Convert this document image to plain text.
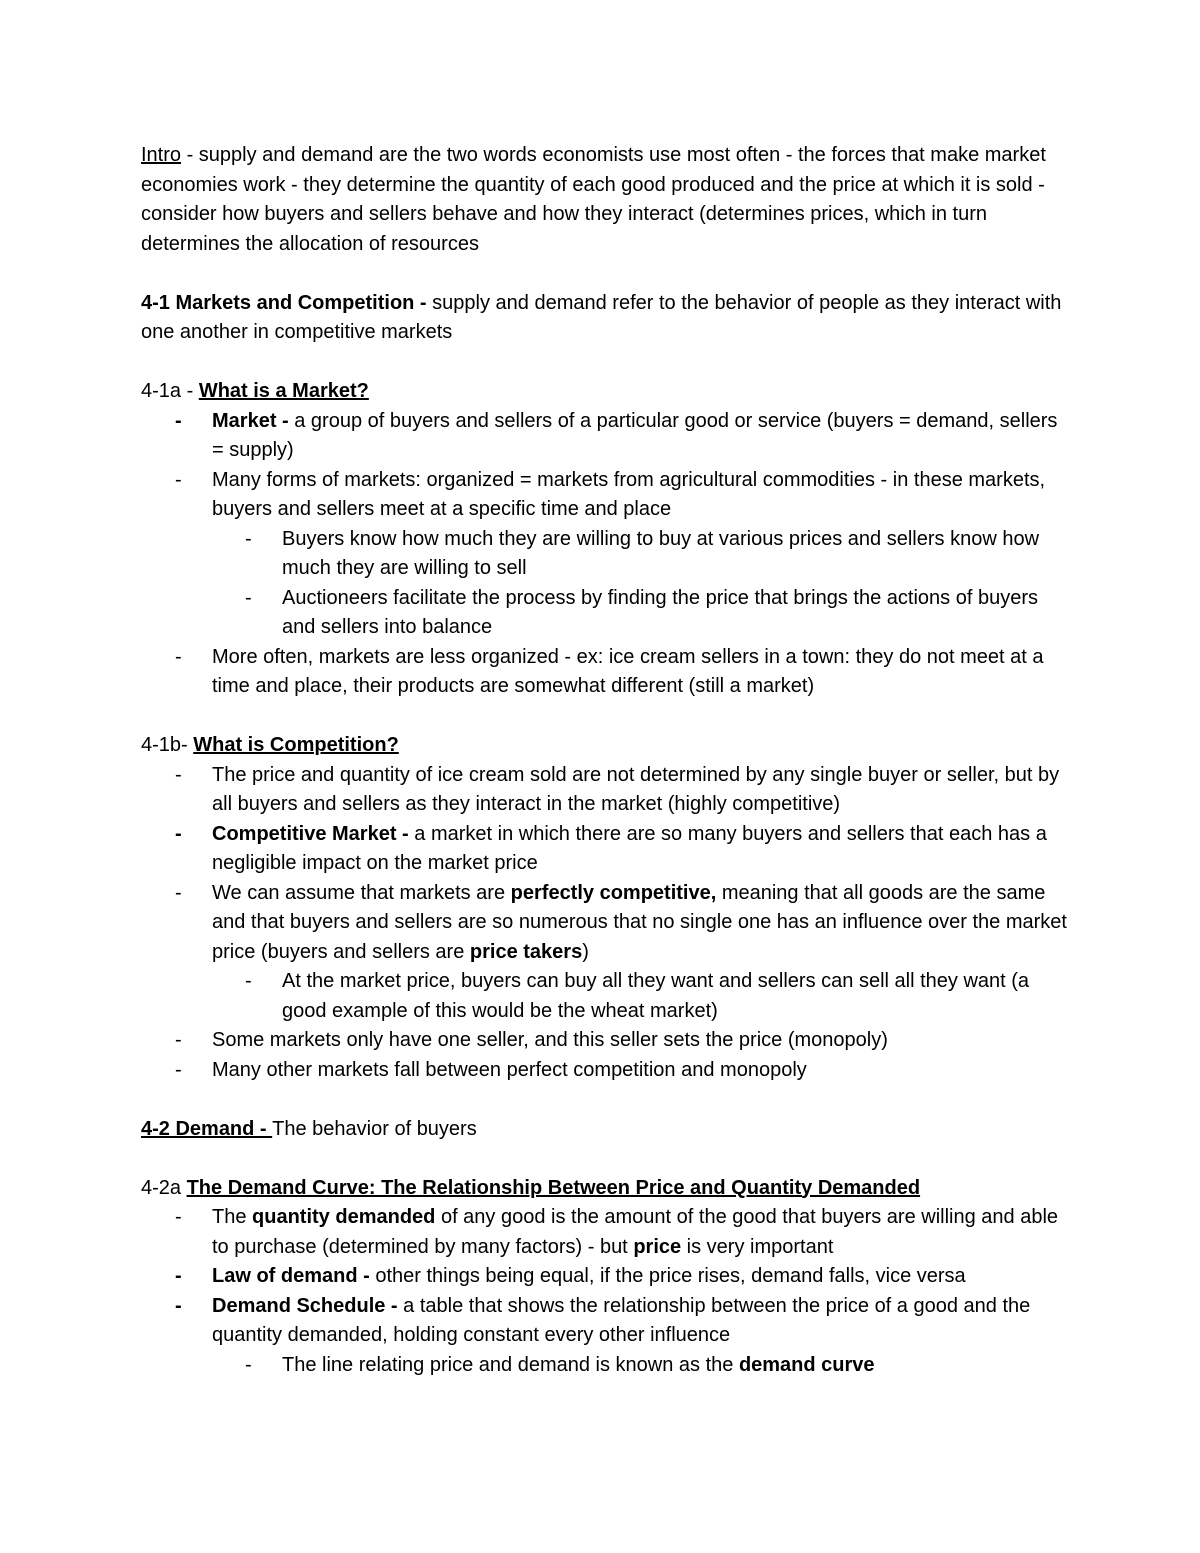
Intro - supply and demand are the two words economists use most often - the forces that make market economies work - they determine the quantity of each good produced and the price at which it is sold - consider how buyers and sellers behave and how they interact (determines prices, which in turn determines the allocation of resources

4-1 Markets and Competition - supply and demand refer to the behavior of people as they interact with one another in competitive markets

4-1a - What is a Market?

- Market - a group of buyers and sellers of a particular good or service (buyers = demand, sellers = supply)
- Many forms of markets: organized = markets from agricultural commodities - in these markets, buyers and sellers meet at a specific time and place
- Buyers know how much they are willing to buy at various prices and sellers know how much they are willing to sell
- Auctioneers facilitate the process by finding the price that brings the actions of buyers and sellers into balance
- More often, markets are less organized - ex: ice cream sellers in a town: they do not meet at a time and place, their products are somewhat different (still a market)

4-1b- What is Competition?

- The price and quantity of ice cream sold are not determined by any single buyer or seller, but by all buyers and sellers as they interact in the market (highly competitive)
- Competitive Market - a market in which there are so many buyers and sellers that each has a negligible impact on the market price
- We can assume that markets are perfectly competitive, meaning that all goods are the same and that buyers and sellers are so numerous that no single one has an influence over the market price (buyers and sellers are price takers)
- At the market price, buyers can buy all they want and sellers can sell all they want (a good example of this would be the wheat market)
- Some markets only have one seller, and this seller sets the price (monopoly)
- Many other markets fall between perfect competition and monopoly

4-2 Demand - The behavior of buyers

4-2a The Demand Curve: The Relationship Between Price and Quantity Demanded

- The quantity demanded of any good is the amount of the good that buyers are willing and able to purchase (determined by many factors) - but price is very important
- Law of demand - other things being equal, if the price rises, demand falls, vice versa
- Demand Schedule - a table that shows the relationship between the price of a good and the quantity demanded, holding constant every other influence
- The line relating price and demand is known as the demand curve
